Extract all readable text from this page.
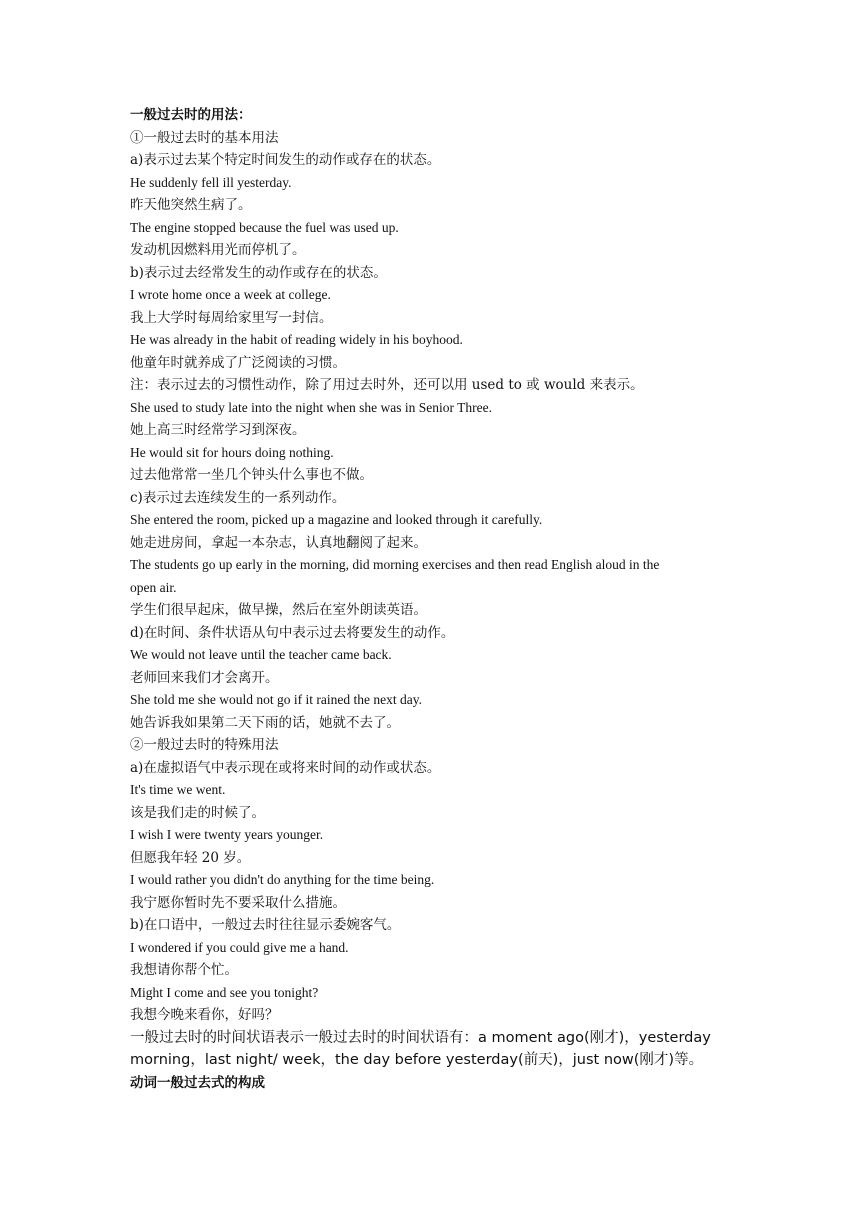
一般过去时的用法：
①一般过去时的基本用法
a)表示过去某个特定时间发生的动作或存在的状态。
He suddenly fell ill yesterday.
昨天他突然生病了。
The engine stopped because the fuel was used up.
发动机因燃料用光而停机了。
b)表示过去经常发生的动作或存在的状态。
I wrote home once a week at college.
我上大学时每周给家里写一封信。
He was already in the habit of reading widely in his boyhood.
他童年时就养成了广泛阅读的习惯。
注：表示过去的习惯性动作，除了用过去时外，还可以用 used to 或 would 来表示。
She used to study late into the night when she was in Senior Three.
她上高三时经常学习到深夜。
He would sit for hours doing nothing.
过去他常常一坐几个钟头什么事也不做。
c)表示过去连续发生的一系列动作。
She entered the room, picked up a magazine and looked through it carefully.
她走进房间，拿起一本杂志，认真地翻阅了起来。
The students go up early in the morning, did morning exercises and then read English aloud in the
open air.
学生们很早起床，做早操，然后在室外朗读英语。
d)在时间、条件状语从句中表示过去将要发生的动作。
We would not leave until the teacher came back.
老师回来我们才会离开。
She told me she would not go if it rained the next day.
她告诉我如果第二天下雨的话，她就不去了。
②一般过去时的特殊用法
a)在虚拟语气中表示现在或将来时间的动作或状态。
It's time we went.
该是我们走的时候了。
I wish I were twenty years younger.
但愿我年轻 20 岁。
I would rather you didn't do anything for the time being.
我宁愿你暂时先不要采取什么措施。
b)在口语中，一般过去时往往显示委婉客气。
I wondered if you could give me a hand.
我想请你帮个忙。
Might I come and see you tonight?
我想今晚来看你，好吗？
一般过去时的时间状语表示一般过去时的时间状语有：a moment ago(刚才)，yesterday
morning，last night/ week，the day before yesterday(前天)，just now(刚才)等。
动词一般过去式的构成
